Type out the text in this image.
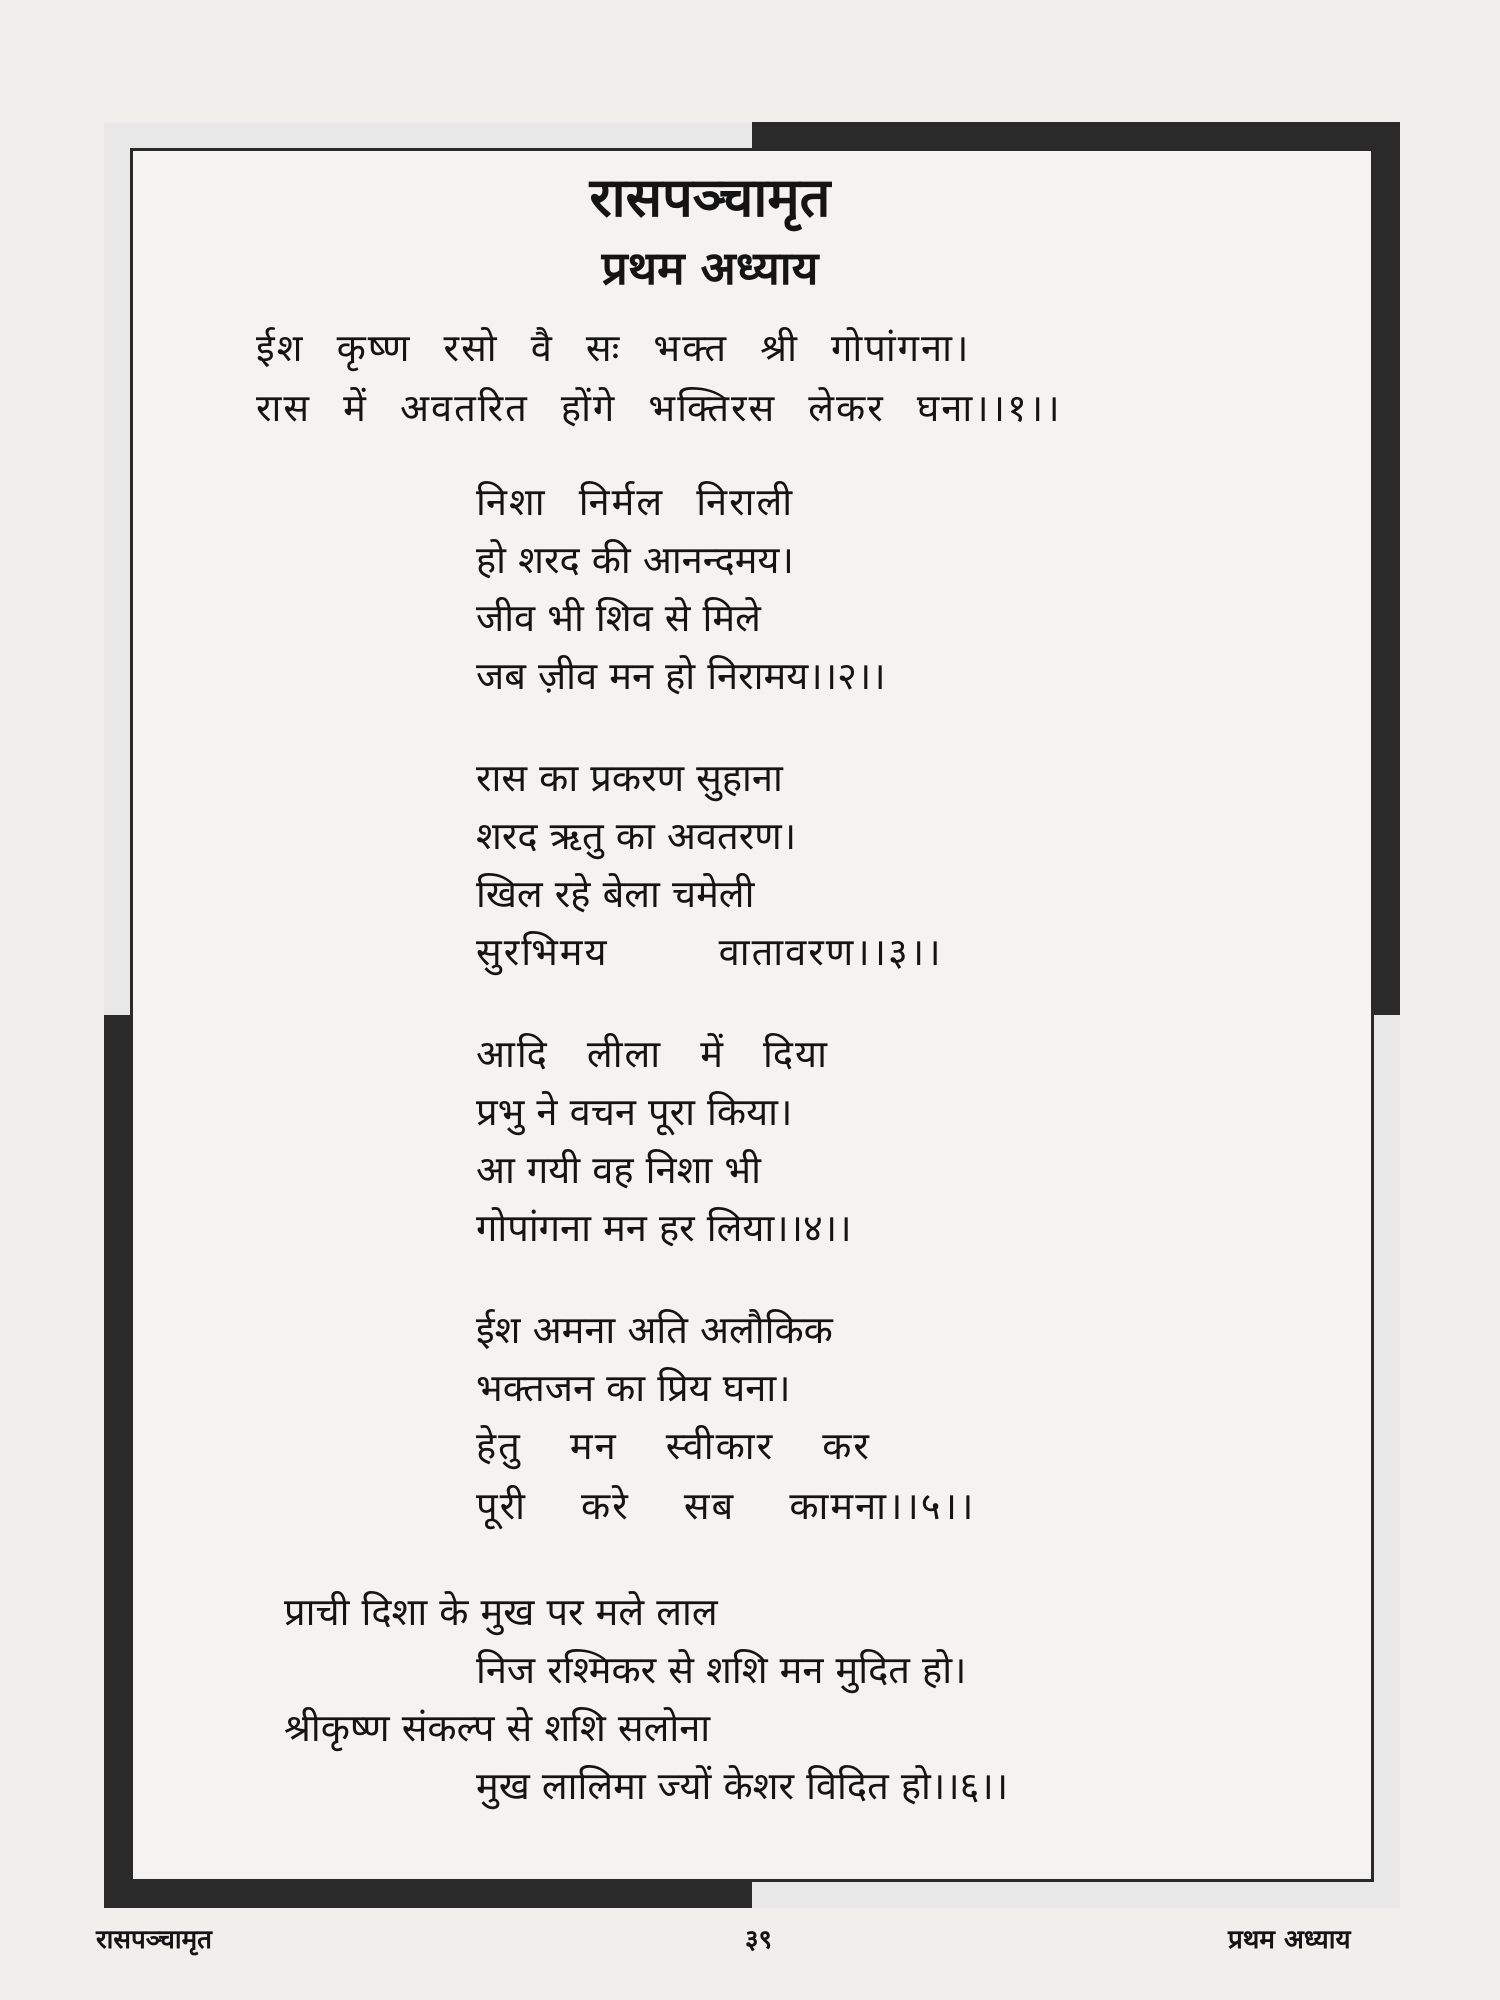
रासपञ्चामृत
प्रथम अध्याय
ईश कृष्ण रसो वै सः भक्त श्री गोपांगना।
रास में अवतरित होंगे भक्तिरस लेकर घना।।१।।
निशा निर्मल निराली
हो शरद की आनन्दमय।
जीव भी शिव से मिले
जब ज़ीव मन हो निरामय।।२।।
रास का प्रकरण सुहाना
शरद ऋतु का अवतरण।
खिल रहे बेला चमेली
सुरभिमय वातावरण।।३।।
आदि लीला में दिया
प्रभु ने वचन पूरा किया।
आ गयी वह निशा भी
गोपांगना मन हर लिया।।४।।
ईश अमना अति अलौकिक
भक्तजन का प्रिय घना।
हेतु मन स्वीकार कर
पूरी करे सब कामना।।५।।
प्राची दिशा के मुख पर मले लाल
निज रश्मिकर से शशि मन मुदित हो।
श्रीकृष्ण संकल्प से शशि सलोना
मुख लालिमा ज्यों केशर विदित हो।।६।।
रासपञ्चामृत	३९	प्रथम अध्याय
